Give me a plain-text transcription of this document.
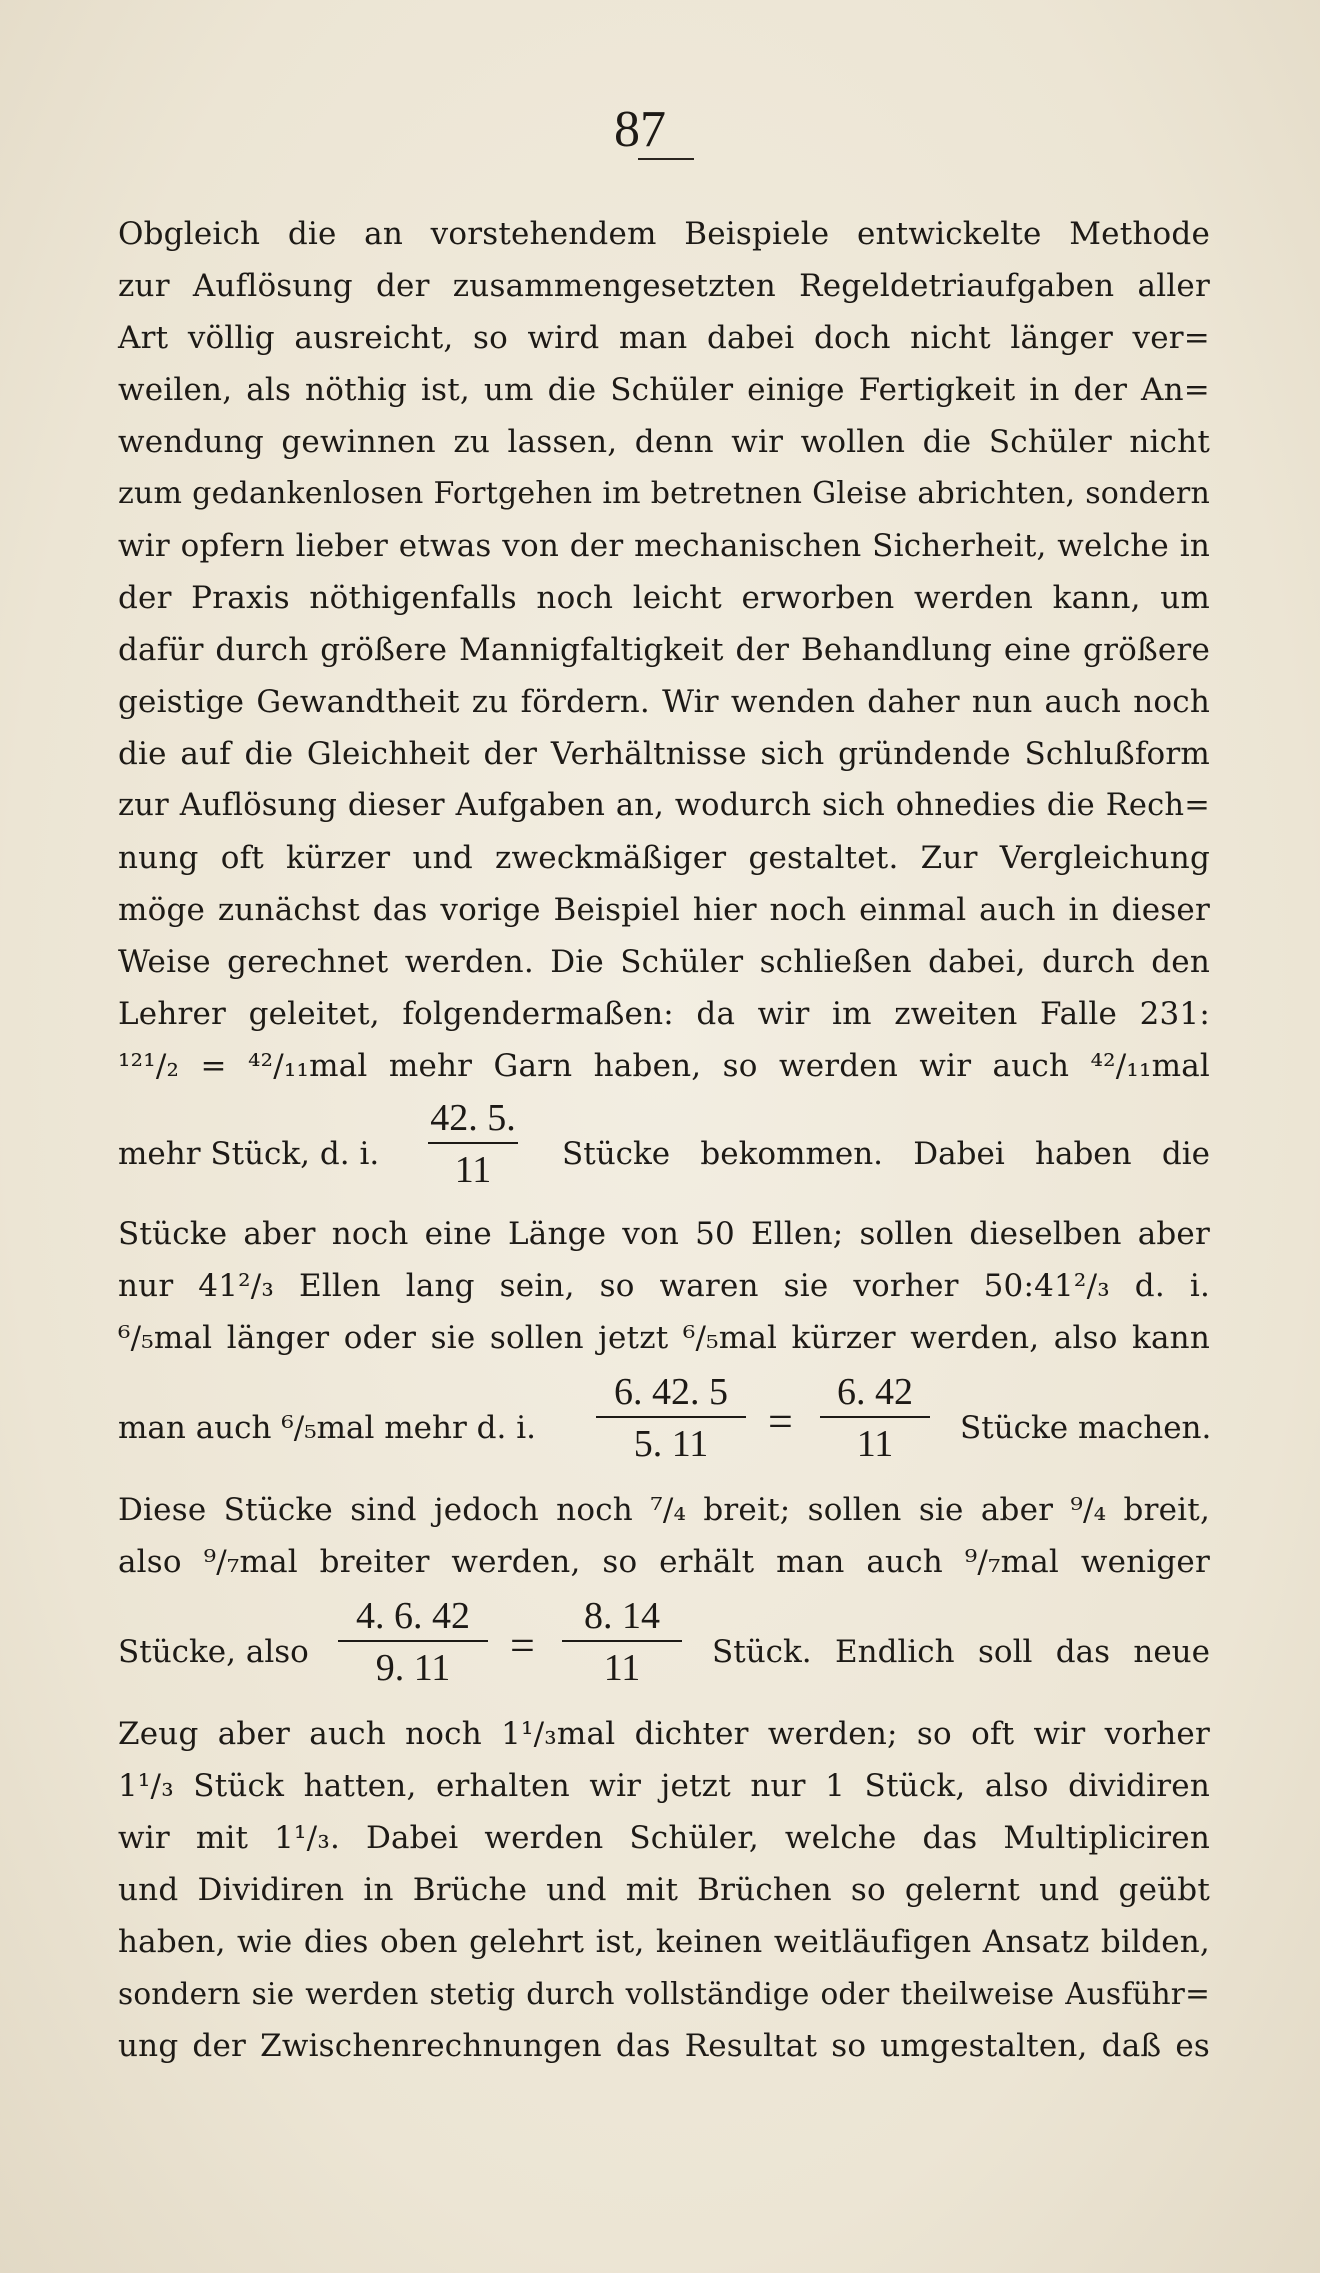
87
Obgleich die an vorstehendem Beispiele entwickelte Methode
zur Auflösung der zusammengesetzten Regeldetriaufgaben aller
Art völlig ausreicht, so wird man dabei doch nicht länger ver=
weilen, als nöthig ist, um die Schüler einige Fertigkeit in der An=
wendung gewinnen zu lassen, denn wir wollen die Schüler nicht
zum gedankenlosen Fortgehen im betretnen Gleise abrichten, sondern
wir opfern lieber etwas von der mechanischen Sicherheit, welche in
der Praxis nöthigenfalls noch leicht erworben werden kann, um
dafür durch größere Mannigfaltigkeit der Behandlung eine größere
geistige Gewandtheit zu fördern. Wir wenden daher nun auch noch
die auf die Gleichheit der Verhältnisse sich gründende Schlußform
zur Auflösung dieser Aufgaben an, wodurch sich ohnedies die Rech=
nung oft kürzer und zweckmäßiger gestaltet. Zur Vergleichung
möge zunächst das vorige Beispiel hier noch einmal auch in dieser
Weise gerechnet werden. Die Schüler schließen dabei, durch den
Lehrer geleitet, folgendermaßen: da wir im zweiten Falle 231:
¹²¹/₂ = ⁴²/₁₁mal mehr Garn haben, so werden wir auch ⁴²/₁₁mal
mehr Stück, d. i.
42. 5.
11	Stücke bekommen. Dabei haben die
Stücke aber noch eine Länge von 50 Ellen; sollen dieselben aber
nur 41²/₃ Ellen lang sein, so waren sie vorher 50:41²/₃ d. i.
⁶/₅mal länger oder sie sollen jetzt ⁶/₅mal kürzer werden, also kann
man auch ⁶/₅mal mehr d. i.
6. 42. 5
5. 11	=
6. 42
11	Stücke machen.
Diese Stücke sind jedoch noch ⁷/₄ breit; sollen sie aber ⁹/₄ breit,
also ⁹/₇mal breiter werden, so erhält man auch ⁹/₇mal weniger
Stücke, also
4. 6. 42
9. 11	=
8. 14
11	Stück. Endlich soll das neue
Zeug aber auch noch 1¹/₃mal dichter werden; so oft wir vorher
1¹/₃ Stück hatten, erhalten wir jetzt nur 1 Stück, also dividiren
wir mit 1¹/₃. Dabei werden Schüler, welche das Multipliciren
und Dividiren in Brüche und mit Brüchen so gelernt und geübt
haben, wie dies oben gelehrt ist, keinen weitläufigen Ansatz bilden,
sondern sie werden stetig durch vollständige oder theilweise Ausführ=
ung der Zwischenrechnungen das Resultat so umgestalten, daß es
